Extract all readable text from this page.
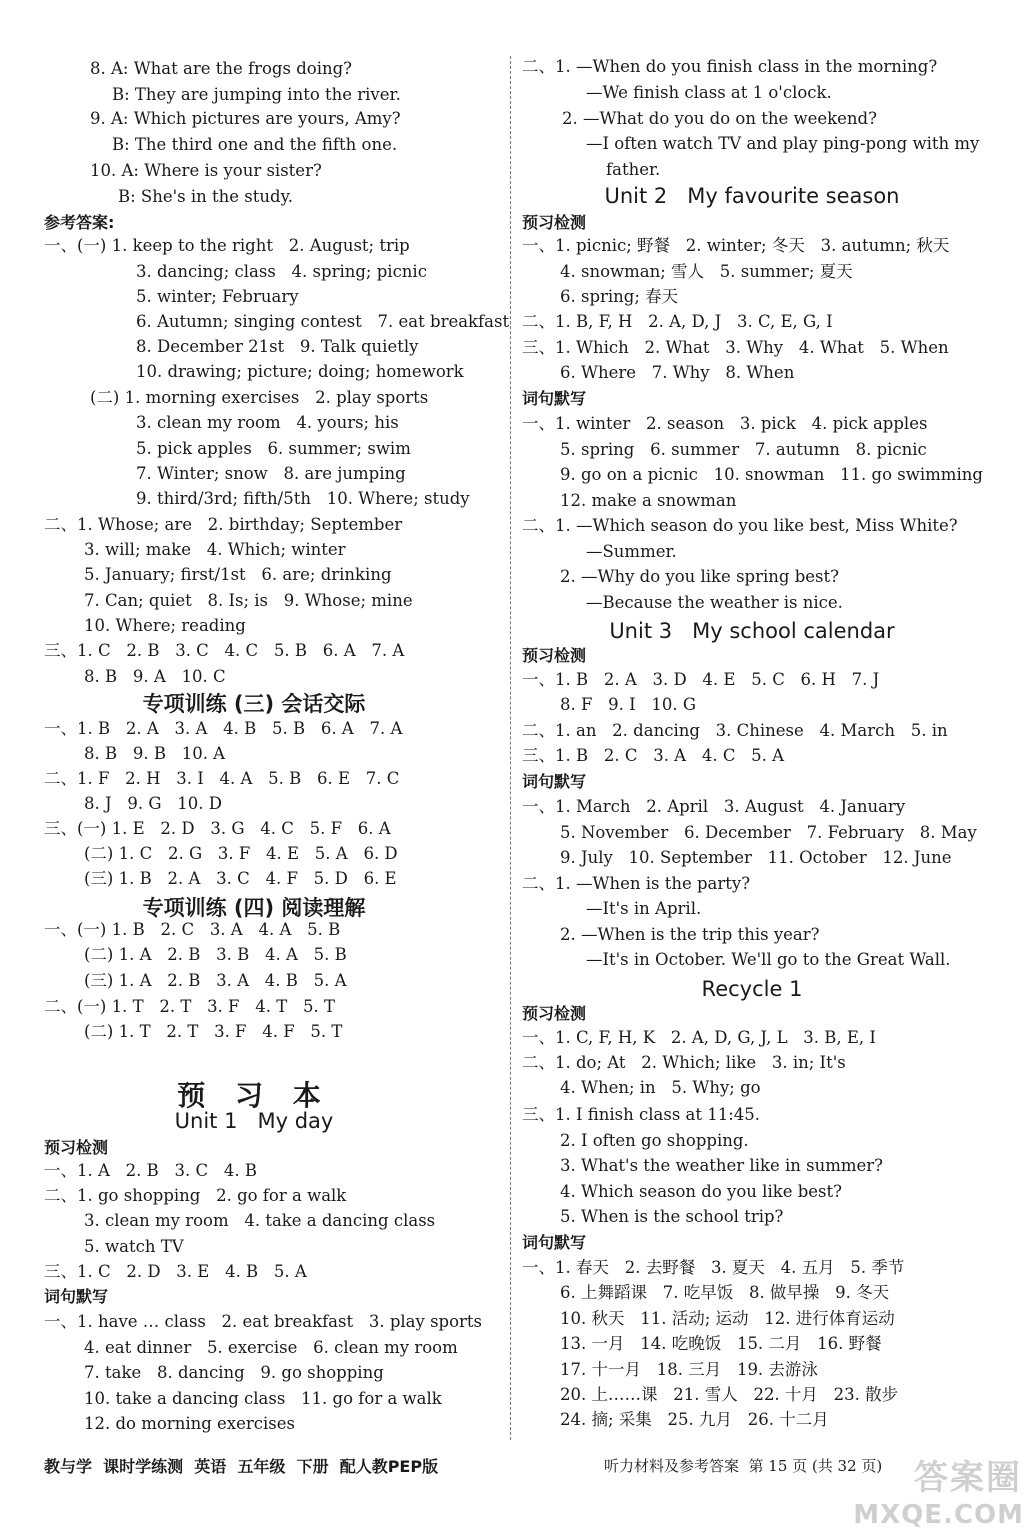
8. A: What are the frogs doing?
B: They are jumping into the river.
9. A: Which pictures are yours, Amy?
B: The third one and the fifth one.
10. A: Where is your sister?
B: She's in the study.
参考答案:
一、(一) 1. keep to the right   2. August; trip
3. dancing; class   4. spring; picnic
5. winter; February
6. Autumn; singing contest   7. eat breakfast
8. December 21st   9. Talk quietly
10. drawing; picture; doing; homework
(二) 1. morning exercises   2. play sports
3. clean my room   4. yours; his
5. pick apples   6. summer; swim
7. Winter; snow   8. are jumping
9. third/3rd; fifth/5th   10. Where; study
二、1. Whose; are   2. birthday; September
3. will; make   4. Which; winter
5. January; first/1st   6. are; drinking
7. Can; quiet   8. Is; is   9. Whose; mine
10. Where; reading
三、1. C   2. B   3. C   4. C   5. B   6. A   7. A
8. B   9. A   10. C
专项训练 (三) 会话交际
一、1. B   2. A   3. A   4. B   5. B   6. A   7. A
8. B   9. B   10. A
二、1. F   2. H   3. I   4. A   5. B   6. E   7. C
8. J   9. G   10. D
三、(一) 1. E   2. D   3. G   4. C   5. F   6. A
(二) 1. C   2. G   3. F   4. E   5. A   6. D
(三) 1. B   2. A   3. C   4. F   5. D   6. E
专项训练 (四) 阅读理解
一、(一) 1. B   2. C   3. A   4. A   5. B
(二) 1. A   2. B   3. B   4. A   5. B
(三) 1. A   2. B   3. A   4. B   5. A
二、(一) 1. T   2. T   3. F   4. T   5. T
(二) 1. T   2. T   3. F   4. F   5. T
预 习 本
Unit 1   My day
预习检测
一、1. A   2. B   3. C   4. B
二、1. go shopping   2. go for a walk
3. clean my room   4. take a dancing class
5. watch TV
三、1. C   2. D   3. E   4. B   5. A
词句默写
一、1. have … class   2. eat breakfast   3. play sports
4. eat dinner   5. exercise   6. clean my room
7. take   8. dancing   9. go shopping
10. take a dancing class   11. go for a walk
12. do morning exercises
二、1. —When do you finish class in the morning?
—We finish class at 1 o'clock.
2. —What do you do on the weekend?
—I often watch TV and play ping-pong with my
father.
Unit 2   My favourite season
预习检测
一、1. picnic; 野餐   2. winter; 冬天   3. autumn; 秋天
4. snowman; 雪人   5. summer; 夏天
6. spring; 春天
二、1. B, F, H   2. A, D, J   3. C, E, G, I
三、1. Which   2. What   3. Why   4. What   5. When
6. Where   7. Why   8. When
词句默写
一、1. winter   2. season   3. pick   4. pick apples
5. spring   6. summer   7. autumn   8. picnic
9. go on a picnic   10. snowman   11. go swimming
12. make a snowman
二、1. —Which season do you like best, Miss White?
—Summer.
2. —Why do you like spring best?
—Because the weather is nice.
Unit 3   My school calendar
预习检测
一、1. B   2. A   3. D   4. E   5. C   6. H   7. J
8. F   9. I   10. G
二、1. an   2. dancing   3. Chinese   4. March   5. in
三、1. B   2. C   3. A   4. C   5. A
词句默写
一、1. March   2. April   3. August   4. January
5. November   6. December   7. February   8. May
9. July   10. September   11. October   12. June
二、1. —When is the party?
—It's in April.
2. —When is the trip this year?
—It's in October. We'll go to the Great Wall.
Recycle 1
预习检测
一、1. C, F, H, K   2. A, D, G, J, L   3. B, E, I
二、1. do; At   2. Which; like   3. in; It's
4. When; in   5. Why; go
三、1. I finish class at 11:45.
2. I often go shopping.
3. What's the weather like in summer?
4. Which season do you like best?
5. When is the school trip?
词句默写
一、1. 春天   2. 去野餐   3. 夏天   4. 五月   5. 季节
6. 上舞蹈课   7. 吃早饭   8. 做早操   9. 冬天
10. 秋天   11. 活动; 运动   12. 进行体育运动
13. 一月   14. 吃晚饭   15. 二月   16. 野餐
17. 十一月   18. 三月   19. 去游泳
20. 上……课   21. 雪人   22. 十月   23. 散步
24. 摘; 采集   25. 九月   26. 十二月

教与学  课时学练测  英语  五年级  下册  配人教PEP版

	听力材料及参考答案  第 15 页 (共 32 页)

答案圈
MXQE.COM
